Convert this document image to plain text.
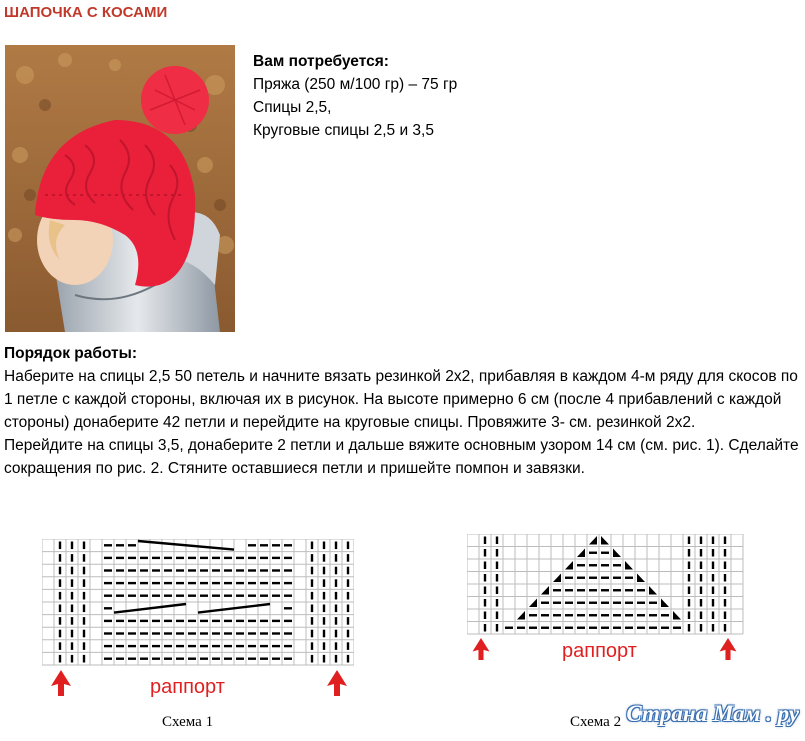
ШАПОЧКА С КОСАМИ
Вам потребуется:
Пряжа (250 м/100 гр) – 75 гр
Спицы 2,5,
Круговые спицы 2,5 и 3,5
Порядок работы:
Наберите на спицы 2,5 50 петель и начните вязать резинкой 2х2, прибавляя в каждом 4-м ряду для скосов по 1 петле с каждой стороны, включая их в рисунок. На высоте примерно 6 см (после 4 прибавлений с каждой стороны) донаберите 42 петли и перейдите на круговые спицы. Провяжите 3- см. резинкой 2х2.
Перейдите на спицы 3,5, донаберите 2 петли и дальше вяжите основным узором 14 см (см. рис. 1). Сделайте сокращения по рис. 2. Стяните оставшиеся петли и пришейте помпон и завязки.
раппорт
Схема 1
раппорт
Схема 2 Страна Мам . ру
